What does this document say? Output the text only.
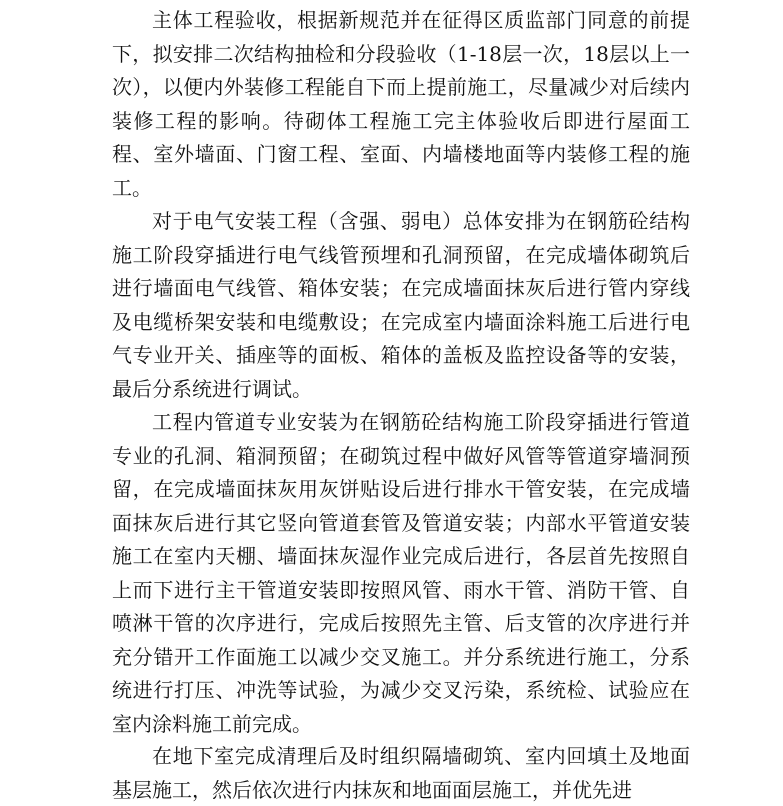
主体工程验收，根据新规范并在征得区质监部门同意的前提下，拟安排二次结构抽检和分段验收（1-18层一次，18层以上一次），以便内外装修工程能自下而上提前施工，尽量减少对后续内装修工程的影响。待砌体工程施工完主体验收后即进行屋面工程、室外墙面、门窗工程、室面、内墙楼地面等内装修工程的施工。

对于电气安装工程（含强、弱电）总体安排为在钢筋砼结构施工阶段穿插进行电气线管预埋和孔洞预留，在完成墙体砌筑后进行墙面电气线管、箱体安装；在完成墙面抹灰后进行管内穿线及电缆桥架安装和电缆敷设；在完成室内墙面涂料施工后进行电气专业开关、插座等的面板、箱体的盖板及监控设备等的安装，最后分系统进行调试。

工程内管道专业安装为在钢筋砼结构施工阶段穿插进行管道专业的孔洞、箱洞预留；在砌筑过程中做好风管等管道穿墙洞预留，在完成墙面抹灰用灰饼贴设后进行排水干管安装，在完成墙面抹灰后进行其它竖向管道套管及管道安装；内部水平管道安装施工在室内天棚、墙面抹灰湿作业完成后进行，各层首先按照自上而下进行主干管道安装即按照风管、雨水干管、消防干管、自喷淋干管的次序进行，完成后按照先主管、后支管的次序进行并充分错开工作面施工以减少交叉施工。并分系统进行施工，分系统进行打压、冲洗等试验，为减少交叉污染，系统检、试验应在室内涂料施工前完成。

在地下室完成清理后及时组织隔墙砌筑、室内回填土及地面基层施工，然后依次进行内抹灰和地面面层施工，并优先进
